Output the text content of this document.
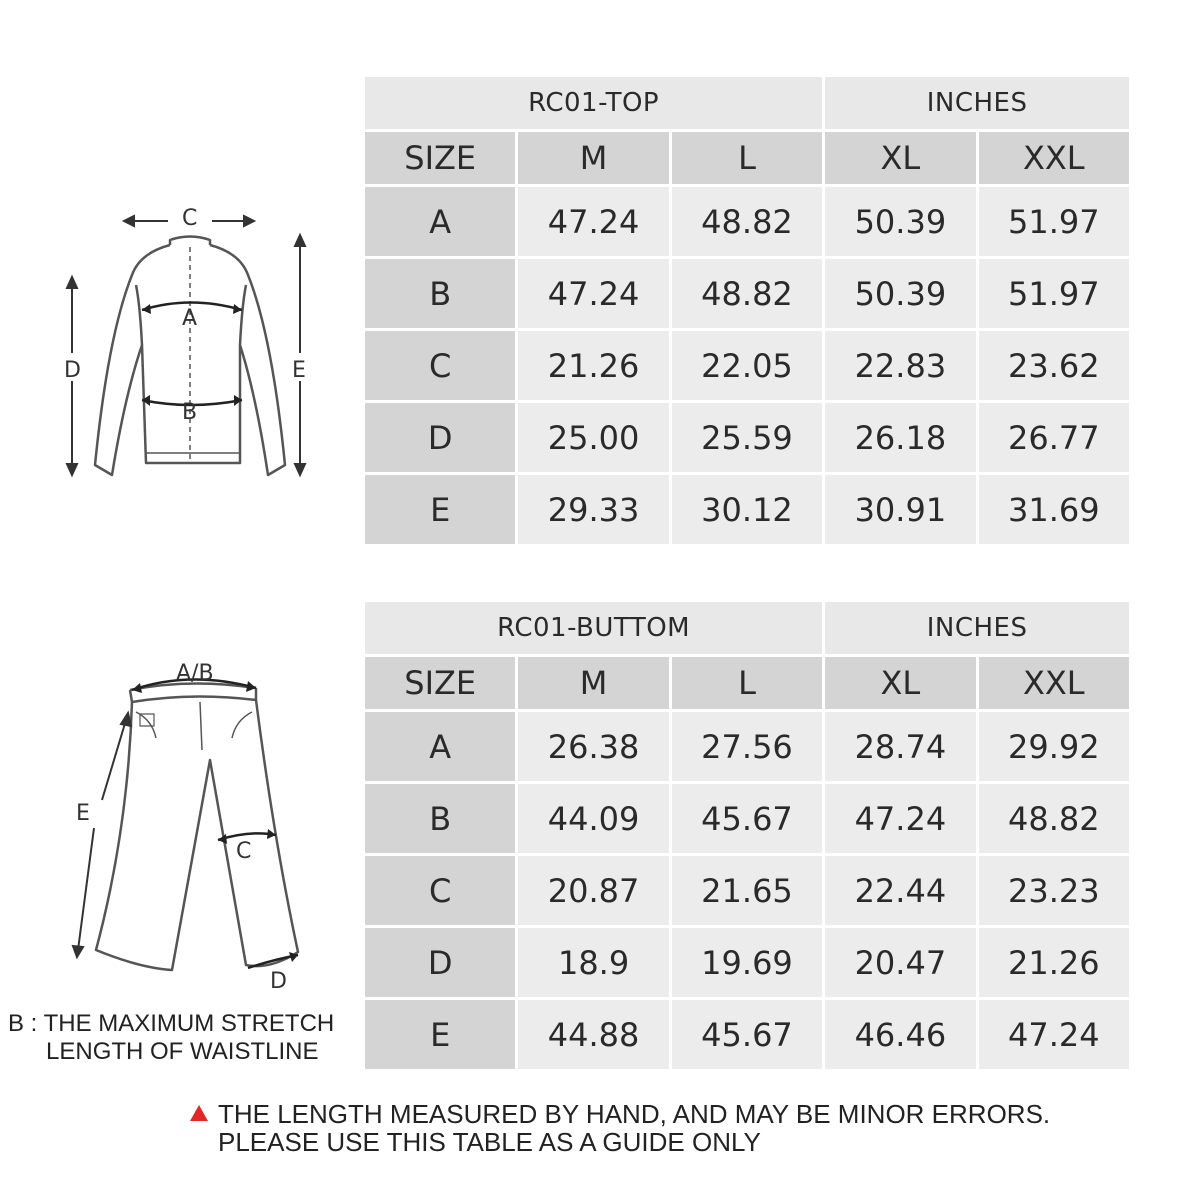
RC01-TOP			INCHES	
SIZE	M	L	XL	XXL
A	47.24	48.82	50.39	51.97
B	47.24	48.82	50.39	51.97
C	21.26	22.05	22.83	23.62
D	25.00	25.59	26.18	26.77
E	29.33	30.12	30.91	31.69
RC01-BUTTOM			INCHES	
SIZE	M	L	XL	XXL
A	26.38	27.56	28.74	29.92
B	44.09	45.67	47.24	48.82
C	20.87	21.65	22.44	23.23
D	18.9	19.69	20.47	21.26
E	44.88	45.67	46.46	47.24
C
A
B
D	E
A/B
C
D
E
B : THE MAXIMUM STRETCH
LENGTH OF WAISTLINE
THE LENGTH MEASURED BY HAND, AND MAY BE MINOR ERRORS.
PLEASE USE THIS TABLE AS A GUIDE ONLY
